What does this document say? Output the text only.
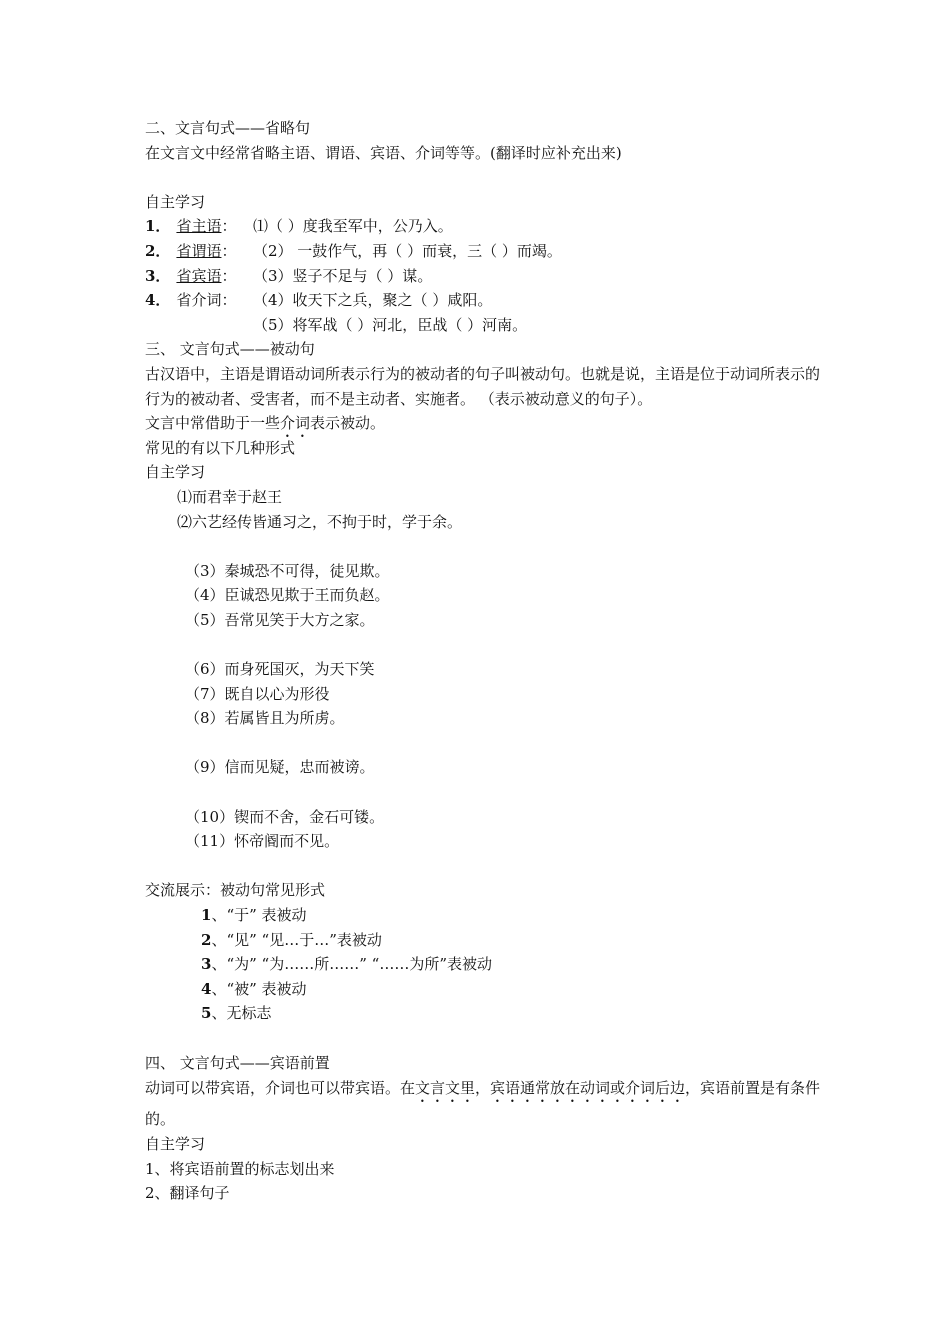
二、文言句式——省略句
在文言文中经常省略主语、谓语、宾语、介词等等。(翻译时应补充出来)
自主学习
1． 省主语： ⑴（ ）度我至军中，公乃入。
2． 省谓语： （2） 一鼓作气，再（ ）而衰，三（ ）而竭。
3． 省宾语： （3）竖子不足与（ ）谋。
4． 省介词： （4）收天下之兵，聚之（ ）咸阳。
（5）将军战（ ）河北，臣战（ ）河南。
三、 文言句式——被动句
古汉语中，主语是谓语动词所表示行为的被动者的句子叫被动句。也就是说，主语是位于动词所表示的行为的被动者、受害者，而不是主动者、实施者。 （表示被动意义的句子）。
文言中常借助于一些介词表示被动。
常见的有以下几种形式
自主学习
⑴而君幸于赵王
⑵六艺经传皆通习之，不拘于时，学于余。
（3）秦城恐不可得，徒见欺。
（4）臣诚恐见欺于王而负赵。
（5）吾常见笑于大方之家。
（6）而身死国灭，为天下笑
（7）既自以心为形役
（8）若属皆且为所虏。
（9）信而见疑，忠而被谤。
（10）锲而不舍，金石可镂。
（11）怀帝阍而不见。
交流展示：被动句常见形式
1、“于” 表被动
2、“见” “见…于…”表被动
3、“为” “为……所……” “……为所”表被动
4、“被” 表被动
5、无标志
四、 文言句式——宾语前置
动词可以带宾语，介词也可以带宾语。在文言文里，宾语通常放在动词或介词后边，宾语前置是有条件的。
自主学习
1、将宾语前置的标志划出来
2、翻译句子
